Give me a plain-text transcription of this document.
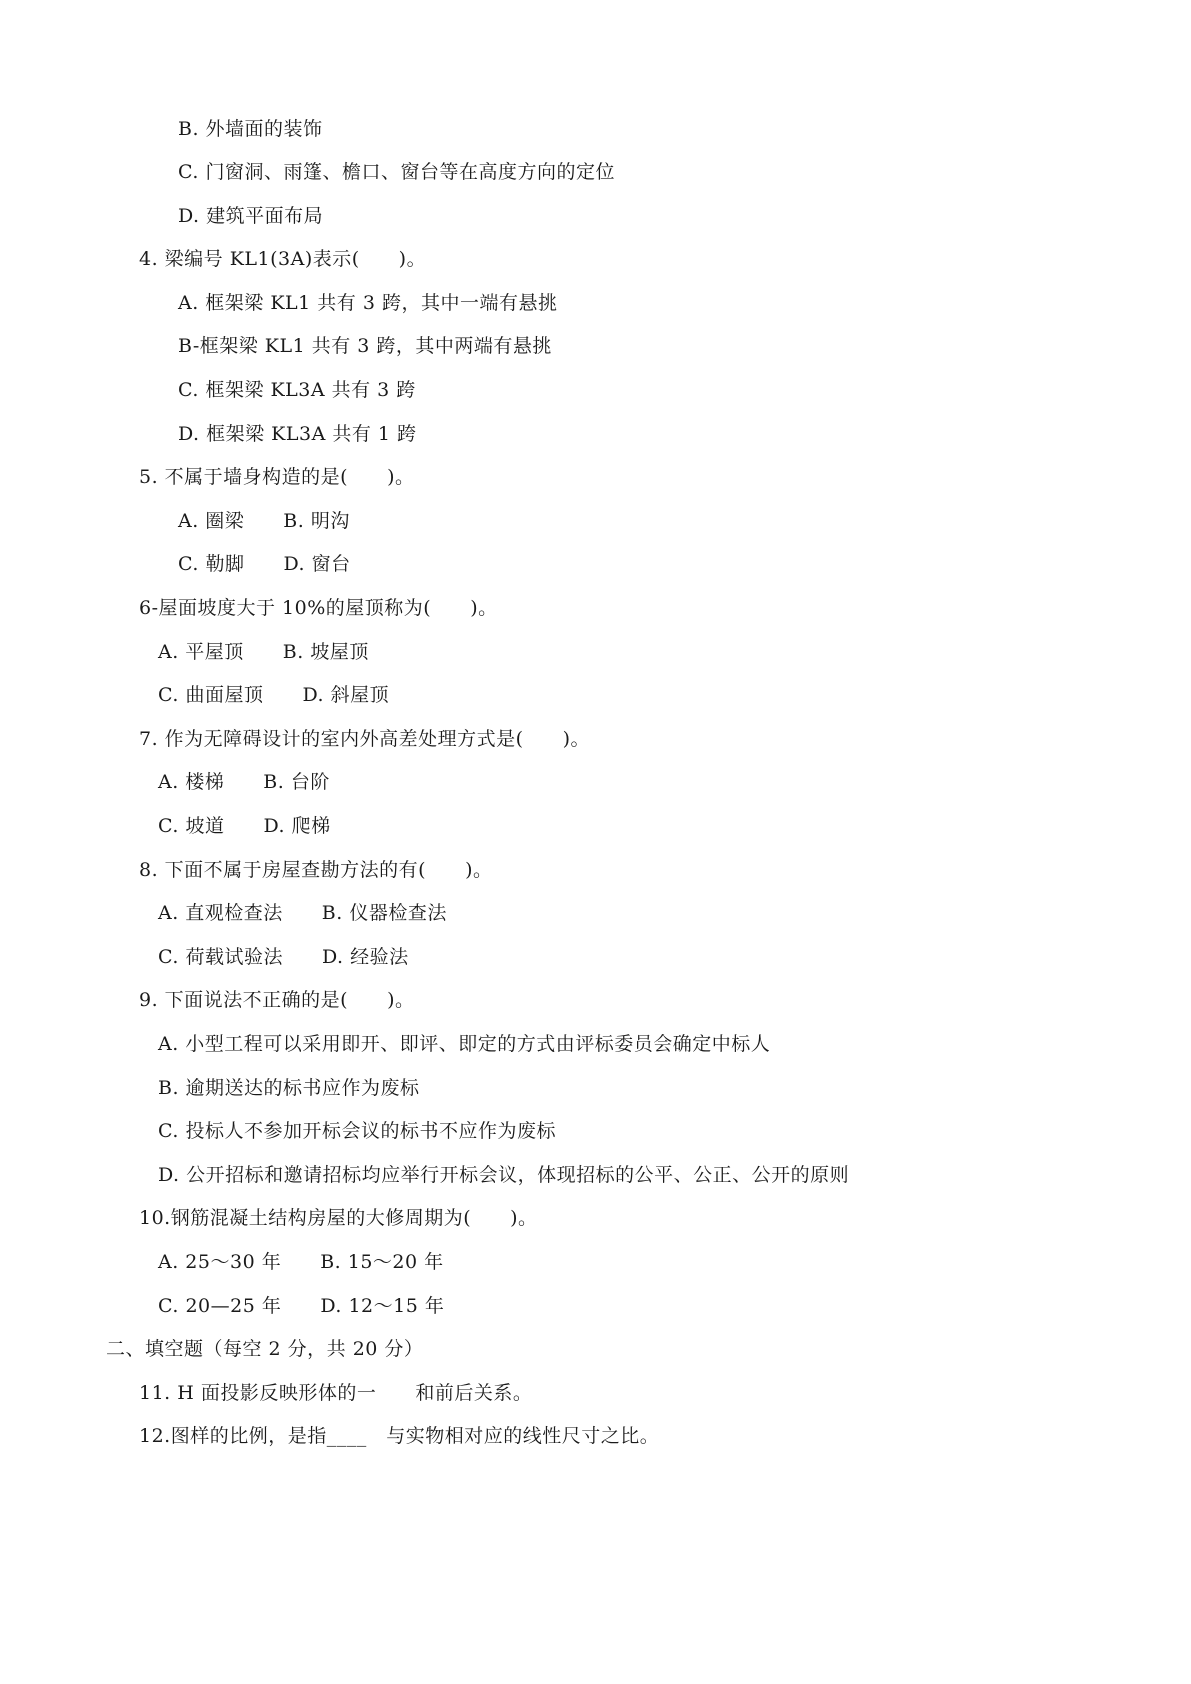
B. 外墙面的装饰
C. 门窗洞、雨篷、檐口、窗台等在高度方向的定位
D. 建筑平面布局
4. 梁编号 KL1(3A)表示(　　)。
A. 框架梁 KL1 共有 3 跨，其中一端有悬挑
B-框架梁 KL1 共有 3 跨，其中两端有悬挑
C. 框架梁 KL3A 共有 3 跨
D. 框架梁 KL3A 共有 1 跨
5. 不属于墙身构造的是(　　)。
A. 圈梁　　B. 明沟
C. 勒脚　　D. 窗台
6-屋面坡度大于 10%的屋顶称为(　　)。
A. 平屋顶　　B. 坡屋顶
C. 曲面屋顶　　D. 斜屋顶
7. 作为无障碍设计的室内外高差处理方式是(　　)。
A. 楼梯　　B. 台阶
C. 坡道　　D. 爬梯
8. 下面不属于房屋查勘方法的有(　　)。
A. 直观检查法　　B. 仪器检查法
C. 荷载试验法　　D. 经验法
9. 下面说法不正确的是(　　)。
A. 小型工程可以采用即开、即评、即定的方式由评标委员会确定中标人
B. 逾期送达的标书应作为废标
C. 投标人不参加开标会议的标书不应作为废标
D. 公开招标和邀请招标均应举行开标会议，体现招标的公平、公正、公开的原则
10.钢筋混凝土结构房屋的大修周期为(　　)。
A. 25～30 年　　B. 15～20 年
C. 20—25 年　　D. 12～15 年
二、填空题（每空 2 分，共 20 分）
11. H 面投影反映形体的一　　和前后关系。
12.图样的比例，是指____　与实物相对应的线性尺寸之比。
